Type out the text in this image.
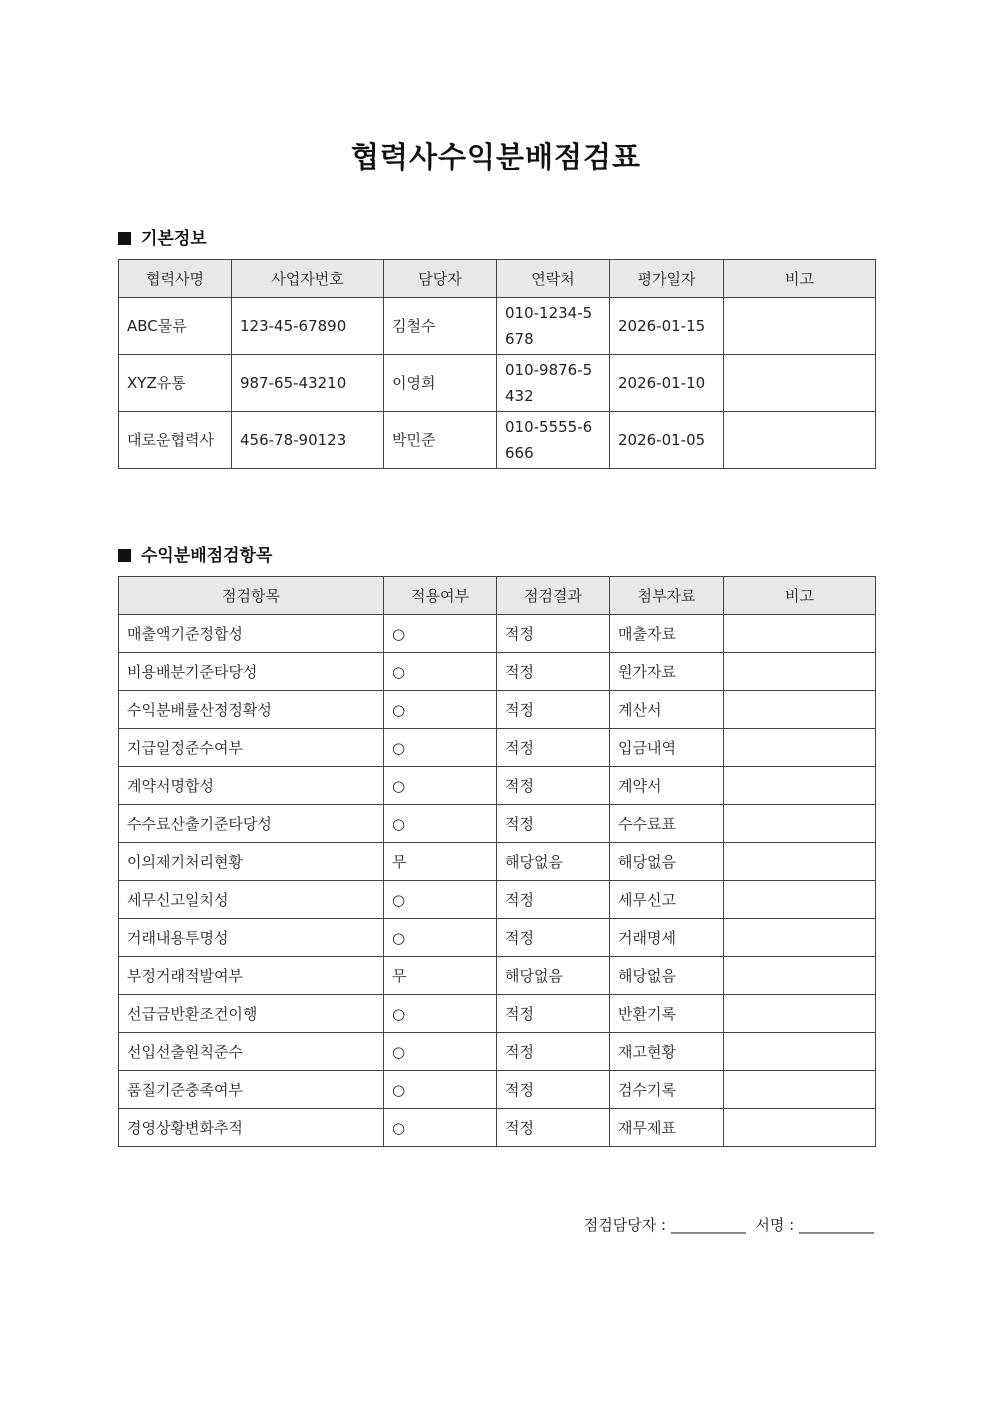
협력사수익분배점검표
기본정보
협력사명	사업자번호	담당자	연락처	평가일자	비고
ABC물류	123-45-67890	김철수	010-1234-5678	2026-01-15	
XYZ유통	987-65-43210	이영희	010-9876-5432	2026-01-10	
대로운협력사	456-78-90123	박민준	010-5555-6666	2026-01-05	
수익분배점검항목
점검항목	적용여부	점검결과	첨부자료	비고
매출액기준정합성	○	적정	매출자료	
비용배분기준타당성	○	적정	원가자료	
수익분배률산정정확성	○	적정	계산서	
지급일정준수여부	○	적정	입금내역	
계약서명합성	○	적정	계약서	
수수료산출기준타당성	○	적정	수수료표	
이의제기처리현황	무	해당없음	해당없음	
세무신고일치성	○	적정	세무신고	
거래내용투명성	○	적정	거래명세	
부정거래적발여부	무	해당없음	해당없음	
선급금반환조건이행	○	적정	반환기록	
선입선출원칙준수	○	적정	재고현황	
품질기준충족여부	○	적정	검수기록	
경영상황변화추적	○	적정	재무제표	
점검담당자 : __________ 서명 : __________
